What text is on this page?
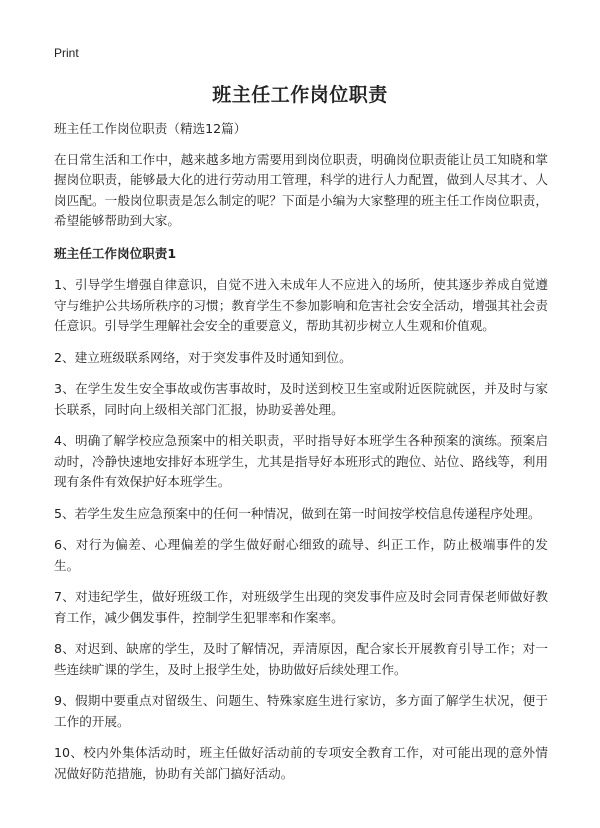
Print
班主任工作岗位职责

班主任工作岗位职责（精选12篇）

在日常生活和工作中，越来越多地方需要用到岗位职责，明确岗位职责能让员工知晓和掌握岗位职责，能够最大化的进行劳动用工管理，科学的进行人力配置，做到人尽其才、人岗匹配。一般岗位职责是怎么制定的呢？下面是小编为大家整理的班主任工作岗位职责，希望能够帮助到大家。

班主任工作岗位职责1

1、引导学生增强自律意识，自觉不进入未成年人不应进入的场所，使其逐步养成自觉遵守与维护公共场所秩序的习惯；教育学生不参加影响和危害社会安全活动，增强其社会责任意识。引导学生理解社会安全的重要意义，帮助其初步树立人生观和价值观。

2、建立班级联系网络，对于突发事件及时通知到位。

3、在学生发生安全事故或伤害事故时，及时送到校卫生室或附近医院就医，并及时与家长联系，同时向上级相关部门汇报，协助妥善处理。

4、明确了解学校应急预案中的相关职责，平时指导好本班学生各种预案的演练。预案启动时，冷静快速地安排好本班学生，尤其是指导好本班形式的跑位、站位、路线等，利用现有条件有效保护好本班学生。

5、若学生发生应急预案中的任何一种情况，做到在第一时间按学校信息传递程序处理。

6、对行为偏差、心理偏差的学生做好耐心细致的疏导、纠正工作，防止极端事件的发生。

7、对违纪学生，做好班级工作，对班级学生出现的突发事件应及时会同青保老师做好教育工作，减少偶发事件，控制学生犯罪率和作案率。

8、对迟到、缺席的学生，及时了解情况，弄清原因，配合家长开展教育引导工作；对一些连续旷课的学生，及时上报学生处，协助做好后续处理工作。

9、假期中要重点对留级生、问题生、特殊家庭生进行家访，多方面了解学生状况，便于工作的开展。

10、校内外集体活动时，班主任做好活动前的专项安全教育工作，对可能出现的意外情况做好防范措施，协助有关部门搞好活动。
